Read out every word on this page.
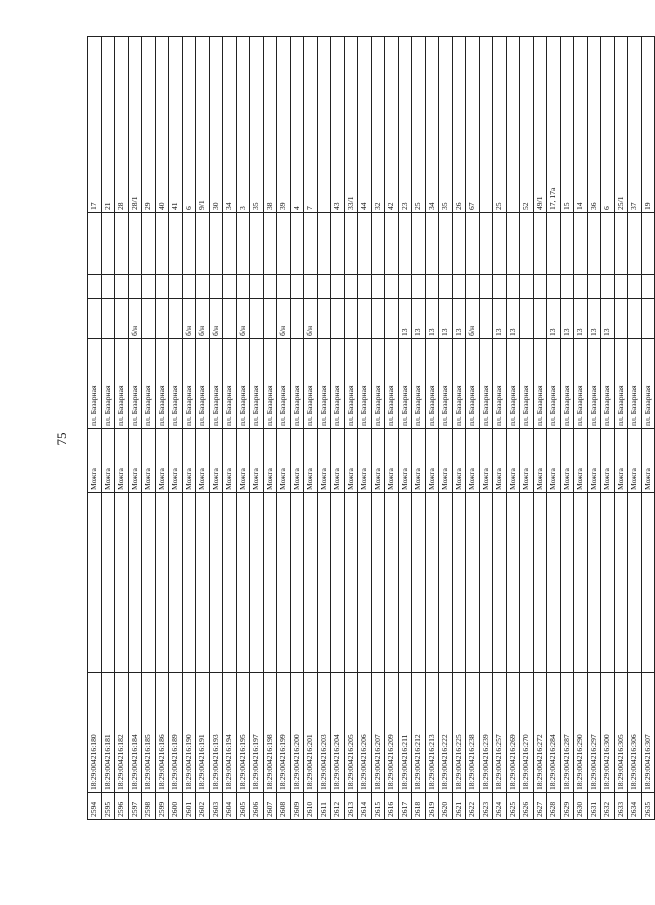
75
2594	18:29:004216:180		Можга	пл. Базарная				17
2595	18:29:004216:181		Можга	пл. Базарная				21
2596	18:29:004216:182		Можга	пл. Базарная				28
2597	18:29:004216:184		Можга	пл. Базарная	б/н			28/1
2598	18:29:004216:185		Можга	пл. Базарная				29
2599	18:29:004216:186		Можга	пл. Базарная				40
2600	18:29:004216:189		Можга	пл. Базарная				41
2601	18:29:004216:190		Можга	пл. Базарная	б/н			6
2602	18:29:004216:191		Можга	пл. Базарная	б/н			9/1
2603	18:29:004216:193		Можга	пл. Базарная	б/н			30
2604	18:29:004216:194		Можга	пл. Базарная				34
2605	18:29:004216:195		Можга	пл. Базарная	б/н			3
2606	18:29:004216:197		Можга	пл. Базарная				35
2607	18:29:004216:198		Можга	пл. Базарная				38
2608	18:29:004216:199		Можга	пл. Базарная	б/н			39
2609	18:29:004216:200		Можга	пл. Базарная				4
2610	18:29:004216:201		Можга	пл. Базарная	б/н			7
2611	18:29:004216:203		Можга	пл. Базарная				
2612	18:29:004216:204		Можга	пл. Базарная				43
2613	18:29:004216:205		Можга	пл. Базарная				33/1
2614	18:29:004216:206		Можга	пл. Базарная				44
2615	18:29:004216:207		Можга	пл. Базарная				32
2616	18:29:004216:209		Можга	пл. Базарная				42
2617	18:29:004216:211		Можга	пл. Базарная	13			23
2618	18:29:004216:212		Можга	пл. Базарная	13			25
2619	18:29:004216:213		Можга	пл. Базарная	13			34
2620	18:29:004216:222		Можга	пл. Базарная	13			35
2621	18:29:004216:225		Можга	пл. Базарная	13			26
2622	18:29:004216:238		Можга	пл. Базарная	б/н			67
2623	18:29:004216:239		Можга	пл. Базарная				
2624	18:29:004216:257		Можга	пл. Базарная	13			25
2625	18:29:004216:269		Можга	пл. Базарная	13			
2626	18:29:004216:270		Можга	пл. Базарная				52
2627	18:29:004216:272		Можга	пл. Базарная				49/1
2628	18:29:004216:284		Можга	пл. Базарная	13			17, 17а
2629	18:29:004216:287		Можга	пл. Базарная	13			15
2630	18:29:004216:290		Можга	пл. Базарная	13			14
2631	18:29:004216:297		Можга	пл. Базарная	13			36
2632	18:29:004216:300		Можга	пл. Базарная	13			6
2633	18:29:004216:305		Можга	пл. Базарная				25/1
2634	18:29:004216:306		Можга	пл. Базарная				37
2635	18:29:004216:307		Можга	пл. Базарная				19
